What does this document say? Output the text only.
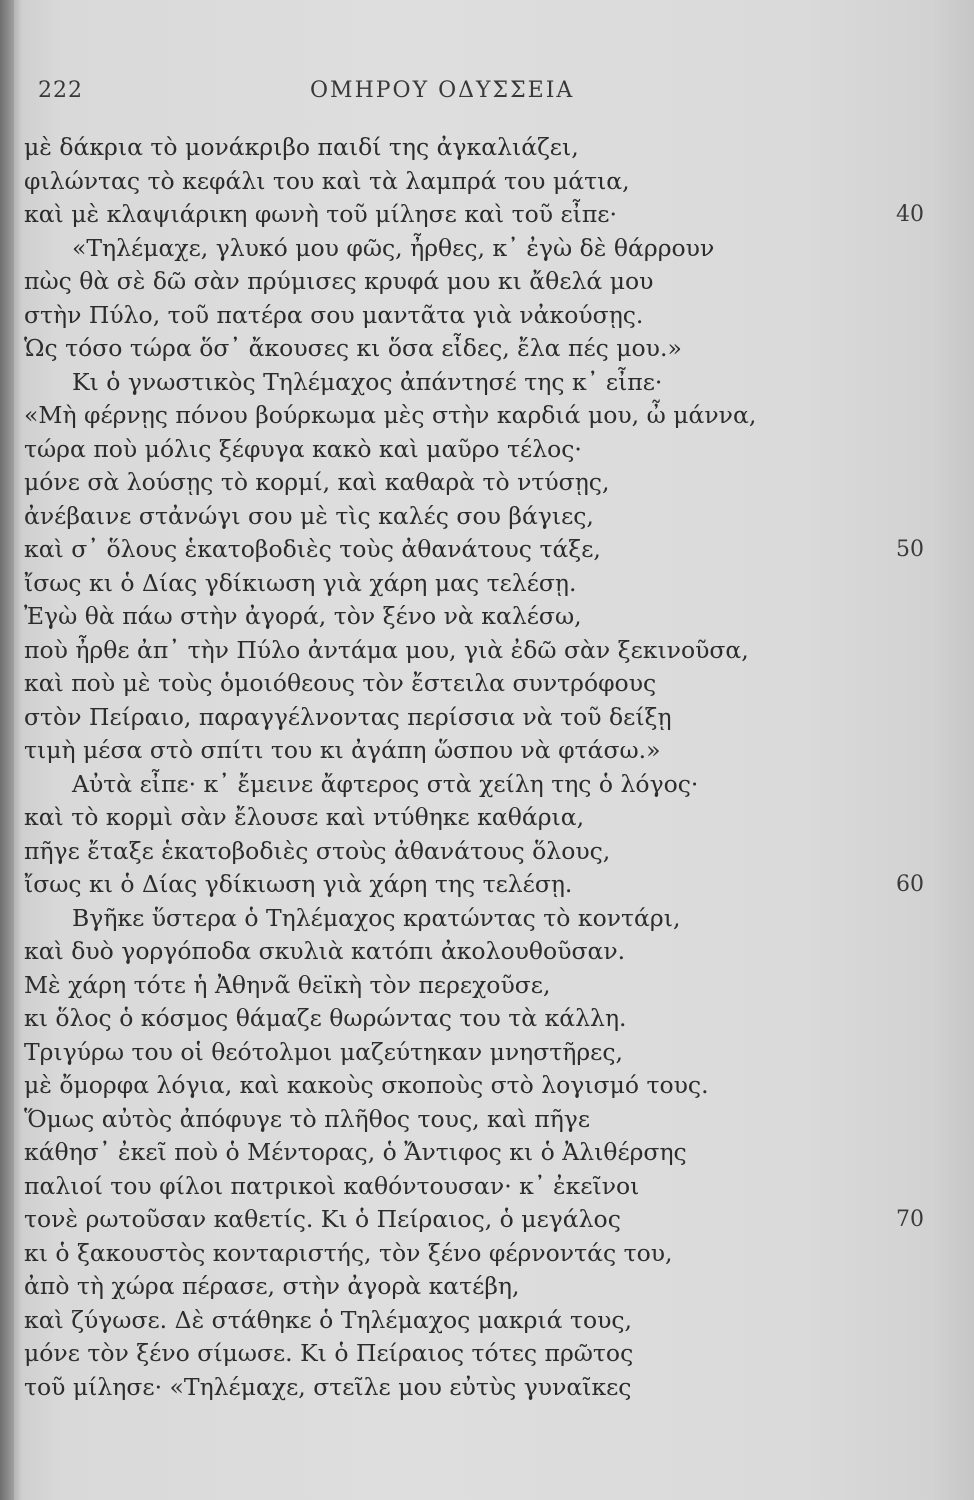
222	ΟΜΗΡΟΥ ΟΔΥΣΣΕΙΑ
μὲ δάκρια τὸ μονάκριβο παιδί της ἀγκαλιάζει,
φιλώντας τὸ κεφάλι του καὶ τὰ λαμπρά του μάτια,
καὶ μὲ κλαψιάρικη φωνὴ τοῦ μίλησε καὶ τοῦ εἶπε·	40
«Τηλέμαχε, γλυκό μου φῶς, ἦρθες, κ᾽ ἐγὼ δὲ θάρρουν
πὼς θὰ σὲ δῶ σὰν πρύμισες κρυφά μου κι ἄθελά μου
στὴν Πύλο, τοῦ πατέρα σου μαντᾶτα γιὰ νἀκούσῃς.
Ὡς τόσο τώρα ὅσ᾽ ἄκουσες κι ὅσα εἶδες, ἔλα πές μου.»
Κι ὁ γνωστικὸς Τηλέμαχος ἀπάντησέ της κ᾽ εἶπε·
«Μὴ φέρνῃς πόνου βούρκωμα μὲς στὴν καρδιά μου, ὦ μάννα,
τώρα ποὺ μόλις ξέφυγα κακὸ καὶ μαῦρο τέλος·
μόνε σὰ λούσῃς τὸ κορμί, καὶ καθαρὰ τὸ ντύσῃς,
ἀνέβαινε στἀνώγι σου μὲ τὶς καλές σου βάγιες,
καὶ σ᾽ ὅλους ἑκατοβοδιὲς τοὺς ἀθανάτους τάξε,	50
ἴσως κι ὁ Δίας γδίκιωση γιὰ χάρη μας τελέσῃ.
Ἐγὼ θὰ πάω στὴν ἀγορά, τὸν ξένο νὰ καλέσω,
ποὺ ἦρθε ἀπ᾽ τὴν Πύλο ἀντάμα μου, γιὰ ἐδῶ σὰν ξεκινοῦσα,
καὶ ποὺ μὲ τοὺς ὁμοιόθεους τὸν ἔστειλα συντρόφους
στὸν Πείραιο, παραγγέλνοντας περίσσια νὰ τοῦ δείξῃ
τιμὴ μέσα στὸ σπίτι του κι ἀγάπη ὥσπου νὰ φτάσω.»
Αὐτὰ εἶπε· κ᾽ ἔμεινε ἄφτερος στὰ χείλη της ὁ λόγος·
καὶ τὸ κορμὶ σὰν ἔλουσε καὶ ντύθηκε καθάρια,
πῆγε ἔταξε ἑκατοβοδιὲς στοὺς ἀθανάτους ὅλους,
ἴσως κι ὁ Δίας γδίκιωση γιὰ χάρη της τελέσῃ.	60
Βγῆκε ὕστερα ὁ Τηλέμαχος κρατώντας τὸ κοντάρι,
καὶ δυὸ γοργόποδα σκυλιὰ κατόπι ἀκολουθοῦσαν.
Μὲ χάρη τότε ἡ Ἀθηνᾶ θεϊκὴ τὸν περεχοῦσε,
κι ὅλος ὁ κόσμος θάμαζε θωρώντας του τὰ κάλλη.
Τριγύρω του οἱ θεότολμοι μαζεύτηκαν μνηστῆρες,
μὲ ὄμορφα λόγια, καὶ κακοὺς σκοποὺς στὸ λογισμό τους.
Ὅμως αὐτὸς ἀπόφυγε τὸ πλῆθος τους, καὶ πῆγε
κάθησ᾽ ἐκεῖ ποὺ ὁ Μέντορας, ὁ Ἄντιφος κι ὁ Ἀλιθέρσης
παλιοί του φίλοι πατρικοὶ καθόντουσαν· κ᾽ ἐκεῖνοι
τονὲ ρωτοῦσαν καθετίς. Κι ὁ Πείραιος, ὁ μεγάλος	70
κι ὁ ξακουστὸς κονταριστής, τὸν ξένο φέρνοντάς του,
ἀπὸ τὴ χώρα πέρασε, στὴν ἀγορὰ κατέβη,
καὶ ζύγωσε. Δὲ στάθηκε ὁ Τηλέμαχος μακριά τους,
μόνε τὸν ξένο σίμωσε. Κι ὁ Πείραιος τότες πρῶτος
τοῦ μίλησε· «Τηλέμαχε, στεῖλε μου εὐτὺς γυναῖκες
